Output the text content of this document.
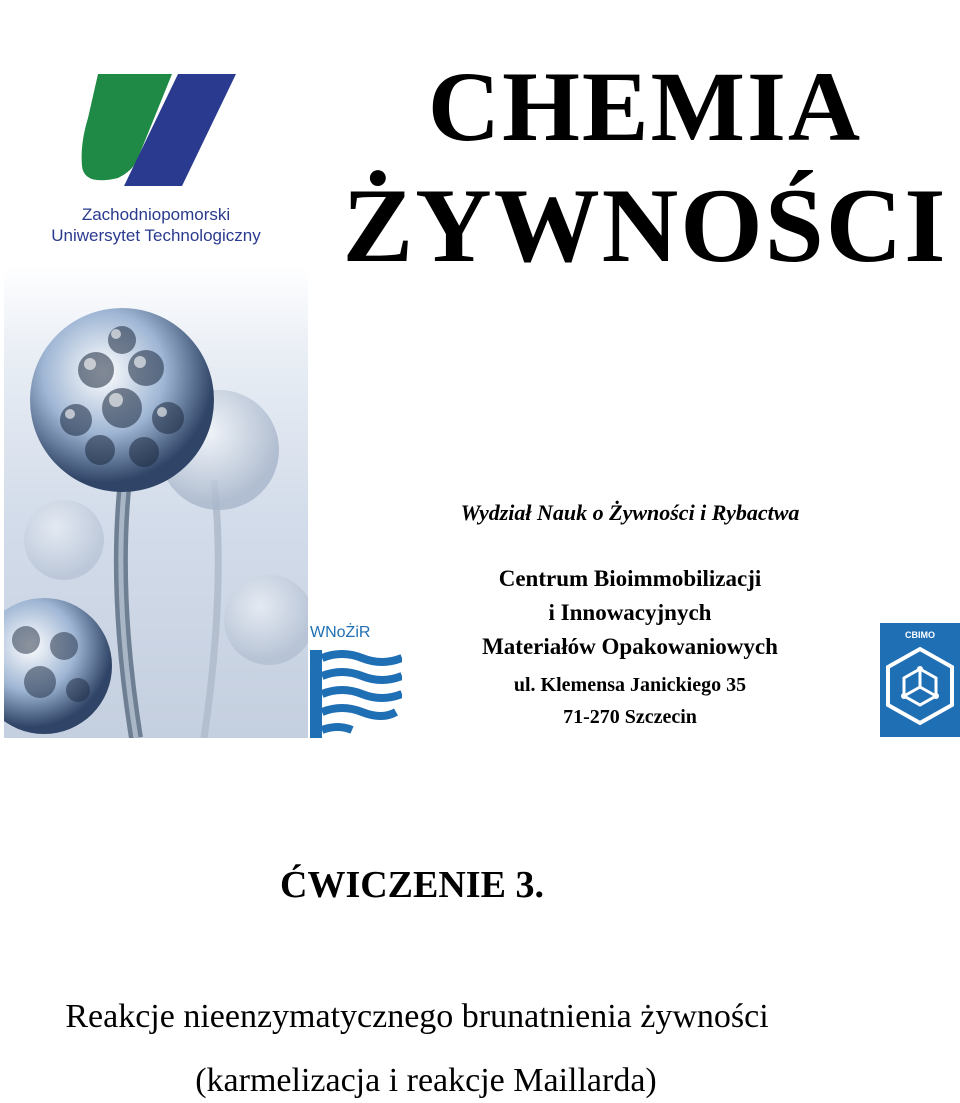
Zachodniopomorski
Uniwersytet Technologiczny
CHEMIA
ŻYWNOŚCI
Wydział Nauk o Żywności i Rybactwa
Centrum Bioimmobilizacji
i Innowacyjnych
Materiałów Opakowaniowych
ul. Klemensa Janickiego 35
71-270 Szczecin
WNoŻiR	CBIMO
ĆWICZENIE 3.
Reakcje nieenzymatycznego brunatnienia żywności
(karmelizacja i reakcje Maillarda)
